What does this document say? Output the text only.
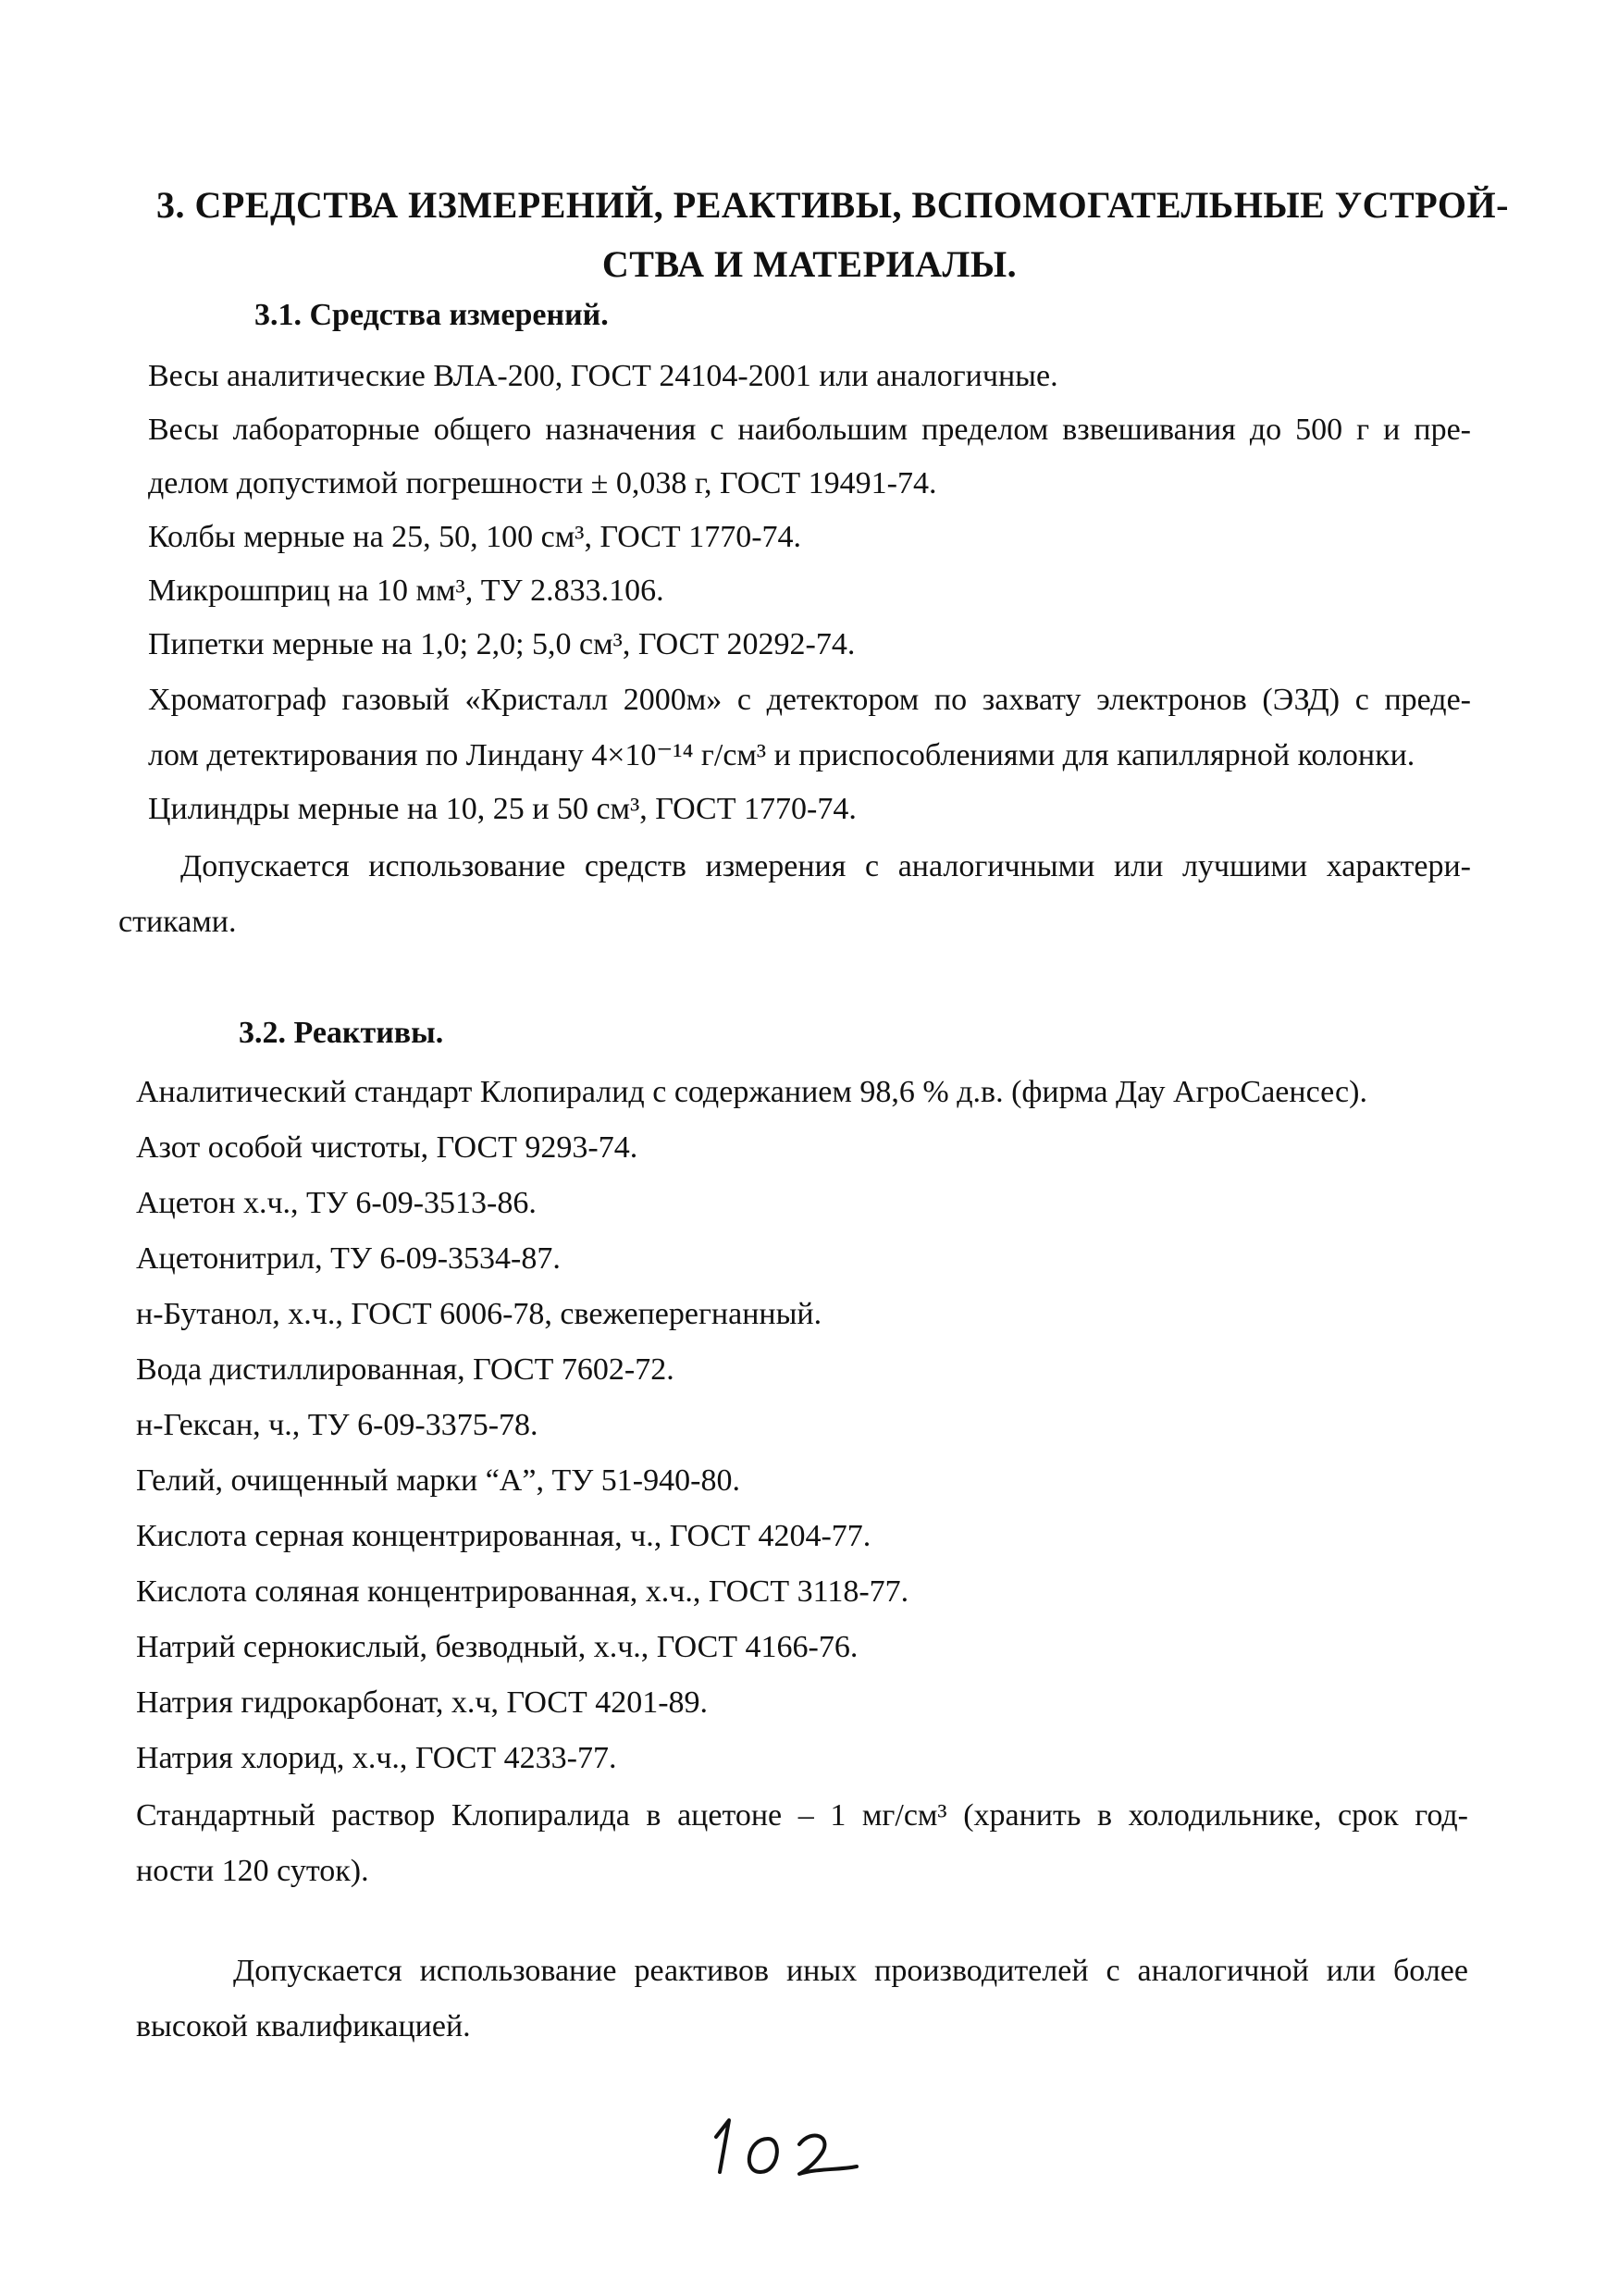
3. СРЕДСТВА ИЗМЕРЕНИЙ, РЕАКТИВЫ, ВСПОМОГАТЕЛЬНЫЕ УСТРОЙ-
СТВА И МАТЕРИАЛЫ.
3.1. Средства измерений.
Весы аналитические ВЛА-200, ГОСТ 24104-2001 или аналогичные.
Весы лабораторные общего назначения с наибольшим пределом взвешивания до 500 г и пре-
делом допустимой погрешности ± 0,038 г, ГОСТ 19491-74.
Колбы мерные на 25, 50, 100 см³, ГОСТ 1770-74.
Микрошприц на 10 мм³, ТУ 2.833.106.
Пипетки мерные на 1,0; 2,0; 5,0 см³, ГОСТ 20292-74.
Хроматограф газовый «Кристалл 2000м» с детектором по захвату электронов (ЭЗД) с преде-
лом детектирования по Линдану 4×10⁻¹⁴ г/см³ и приспособлениями для капиллярной колонки.
Цилиндры мерные на 10, 25 и 50 см³, ГОСТ 1770-74.
Допускается использование средств измерения с аналогичными или лучшими характери-
стиками.
3.2. Реактивы.
Аналитический стандарт Клопиралид с содержанием 98,6 % д.в. (фирма Дау АгроСаенсес).
Азот особой чистоты, ГОСТ 9293-74.
Ацетон х.ч., ТУ 6-09-3513-86.
Ацетонитрил, ТУ 6-09-3534-87.
н-Бутанол, х.ч., ГОСТ 6006-78, свежеперегнанный.
Вода дистиллированная, ГОСТ 7602-72.
н-Гексан, ч., ТУ 6-09-3375-78.
Гелий, очищенный марки “А”, ТУ 51-940-80.
Кислота серная концентрированная, ч., ГОСТ 4204-77.
Кислота соляная концентрированная, х.ч., ГОСТ 3118-77.
Натрий сернокислый, безводный, х.ч., ГОСТ 4166-76.
Натрия гидрокарбонат, х.ч, ГОСТ 4201-89.
Натрия хлорид, х.ч., ГОСТ 4233-77.
Стандартный раствор Клопиралида в ацетоне – 1 мг/см³ (хранить в холодильнике, срок год-
ности 120 суток).
Допускается использование реактивов иных производителей с аналогичной или более
высокой квалификацией.
